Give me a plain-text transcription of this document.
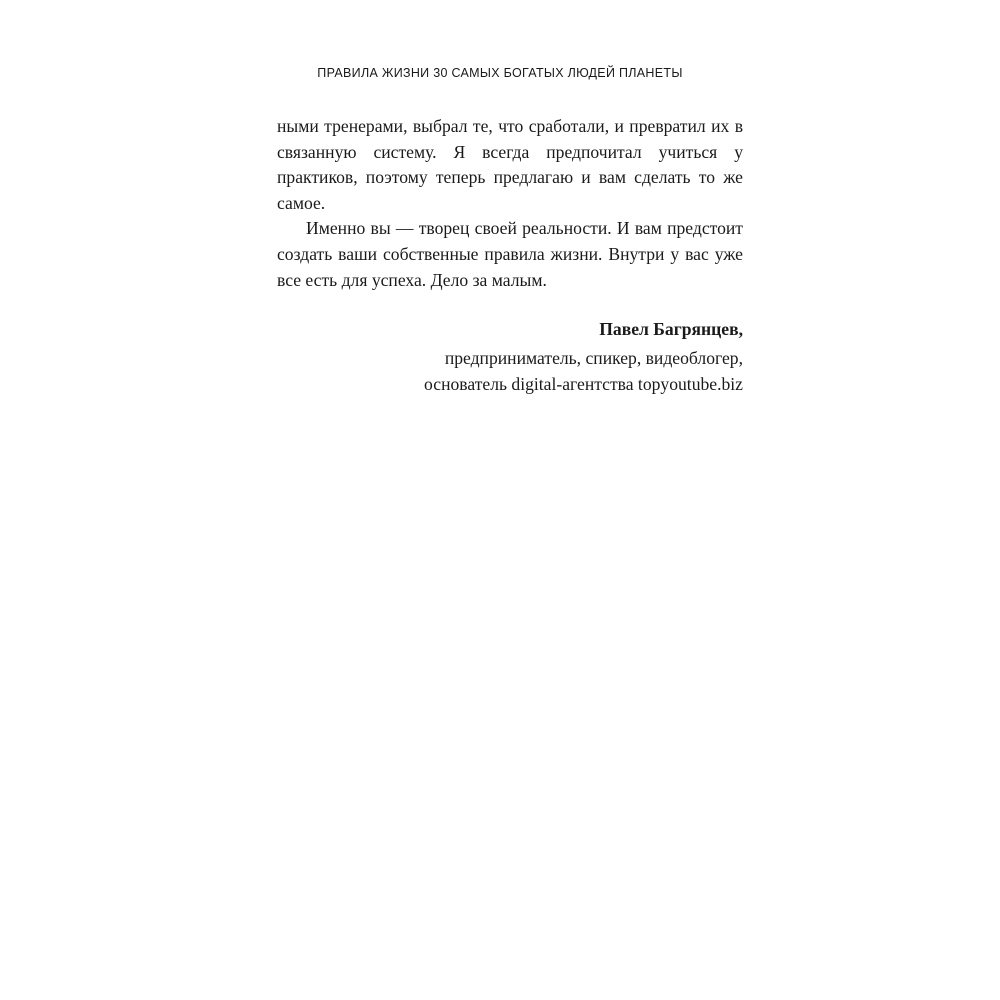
ПРАВИЛА ЖИЗНИ 30 САМЫХ БОГАТЫХ ЛЮДЕЙ ПЛАНЕТЫ

ными тренерами, выбрал те, что сработали, и превратил их в связанную систему. Я всегда предпочитал учиться у практиков, поэтому теперь предлагаю и вам сделать то же самое.

Именно вы — творец своей реальности. И вам предстоит создать ваши собственные правила жизни. Внутри у вас уже все есть для успеха. Дело за малым.

Павел Багрянцев,
предприниматель, спикер, видеоблогер,
основатель digital-агентства topyoutube.biz
